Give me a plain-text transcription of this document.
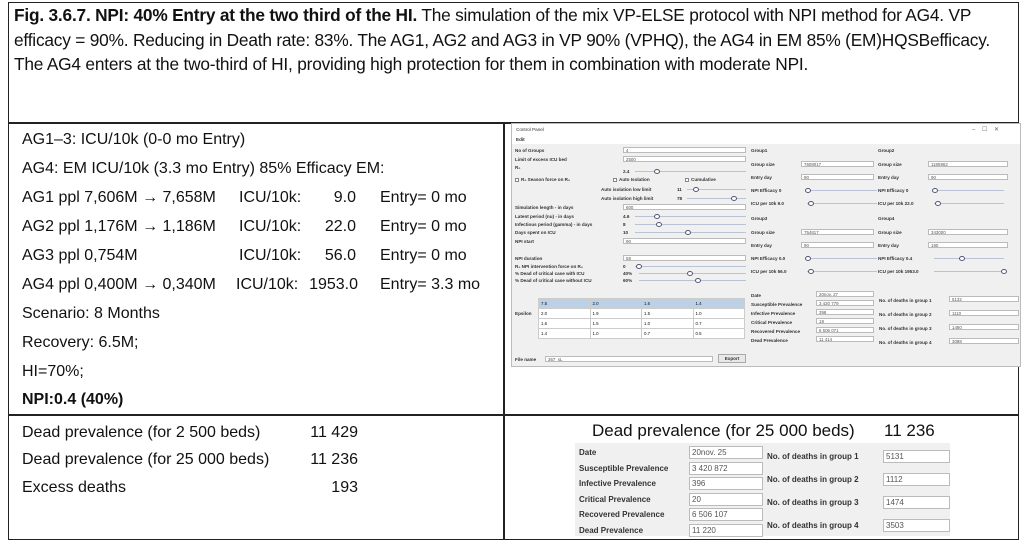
Fig. 3.6.7. NPI: 40% Entry at the two third of the HI. The simulation of the mix VP-ELSE protocol with NPI method for AG4. VP efficacy = 90%. Reducing in Death rate: 83%. The AG1, AG2 and AG3 in VP 90% (VPHQ), the AG4 in EM 85% (EM)HQSBefficacy. The AG4 enters at the two-third of HI, providing high protection for them in combination with moderate NPI.
AG1–3: ICU/10k (0-0 mo Entry)
AG4: EM ICU/10k (3.3 mo Entry) 85% Efficacy EM:
AG1 ppl 7,606M → 7,658M ICU/10k:	9.0 Entry= 0 mo
AG2 ppl 1,176M → 1,186M ICU/10k:	22.0 Entry= 0 mo
AG3 ppl 0,754M	ICU/10k:	56.0 Entry= 0 mo
AG4 ppl 0,400M → 0,340M ICU/10k: 1953.0 Entry= 3.3 mo
Scenario: 8 Months
Recovery: 6.5M;
HI=70%;
NPI:0.4 (40%)
Control Panel	–    ☐    ✕
Edit
No of Groups	4
Limit of excess ICU bed	2500
R₀
2.4
R₀ Season force on R₀	Auto Isolation	Cumulative
Auto isolation low limit	11
Auto isolation high limit	78
Simulation length - in days	600
Latent period (nu) - in days	4.6
Infectious period (gamma) - in days	8
Days spent on ICU	10
NPI start	90
NPI duration	58
R₀ NPI intervention force on R₀	0
% Dead of critical case with ICU	40%
% Dead of critical case without ICU	60%
Epsilon
File name	367_sL	Export
Group1
Group size	7608017
Entry day	90
NPI Efficacy 0
ICU per 10k 9.0
Group2
Group size	1185962
Entry day	90
NPI Efficacy 0
ICU per 10k 22.0
Group3
Group size	754817
Entry day	90
NPI Efficacy 0.0
ICU per 10k 56.0
Group4
Group size	343000
Entry day	190
NPI Efficacy 0.4
ICU per 10k 1953.0
Date	20nov. 27
Susceptible Prevalence	3 420 779
Infective Prevalence	398
Critical Prevalence	18
Recovered Prevalence	6 506 071
Dead Prevalence	11 414
No. of deaths in group 1	5132
No. of deaths in group 2	1110
No. of deaths in group 3	1480
No. of deaths in group 4	3088
7.5	2.0	1.6	1.4
2.0	1.9	1.5	1.0
1.6	1.5	1.0	0.7
1.4	1.0	0.7	0.5
Dead prevalence (for 2 500 beds)	11 429
Dead prevalence (for 25 000 beds)	11 236
Excess deaths	193
Dead prevalence (for 25 000 beds) 11 236
Date	20nov. 25
Susceptible Prevalence	3 420 872
Infective Prevalence	396
Critical Prevalence	20
Recovered Prevalence	6 506 107
Dead Prevalence	11 220
No. of deaths in group 1	5131
No. of deaths in group 2	1112
No. of deaths in group 3	1474
No. of deaths in group 4	3503
